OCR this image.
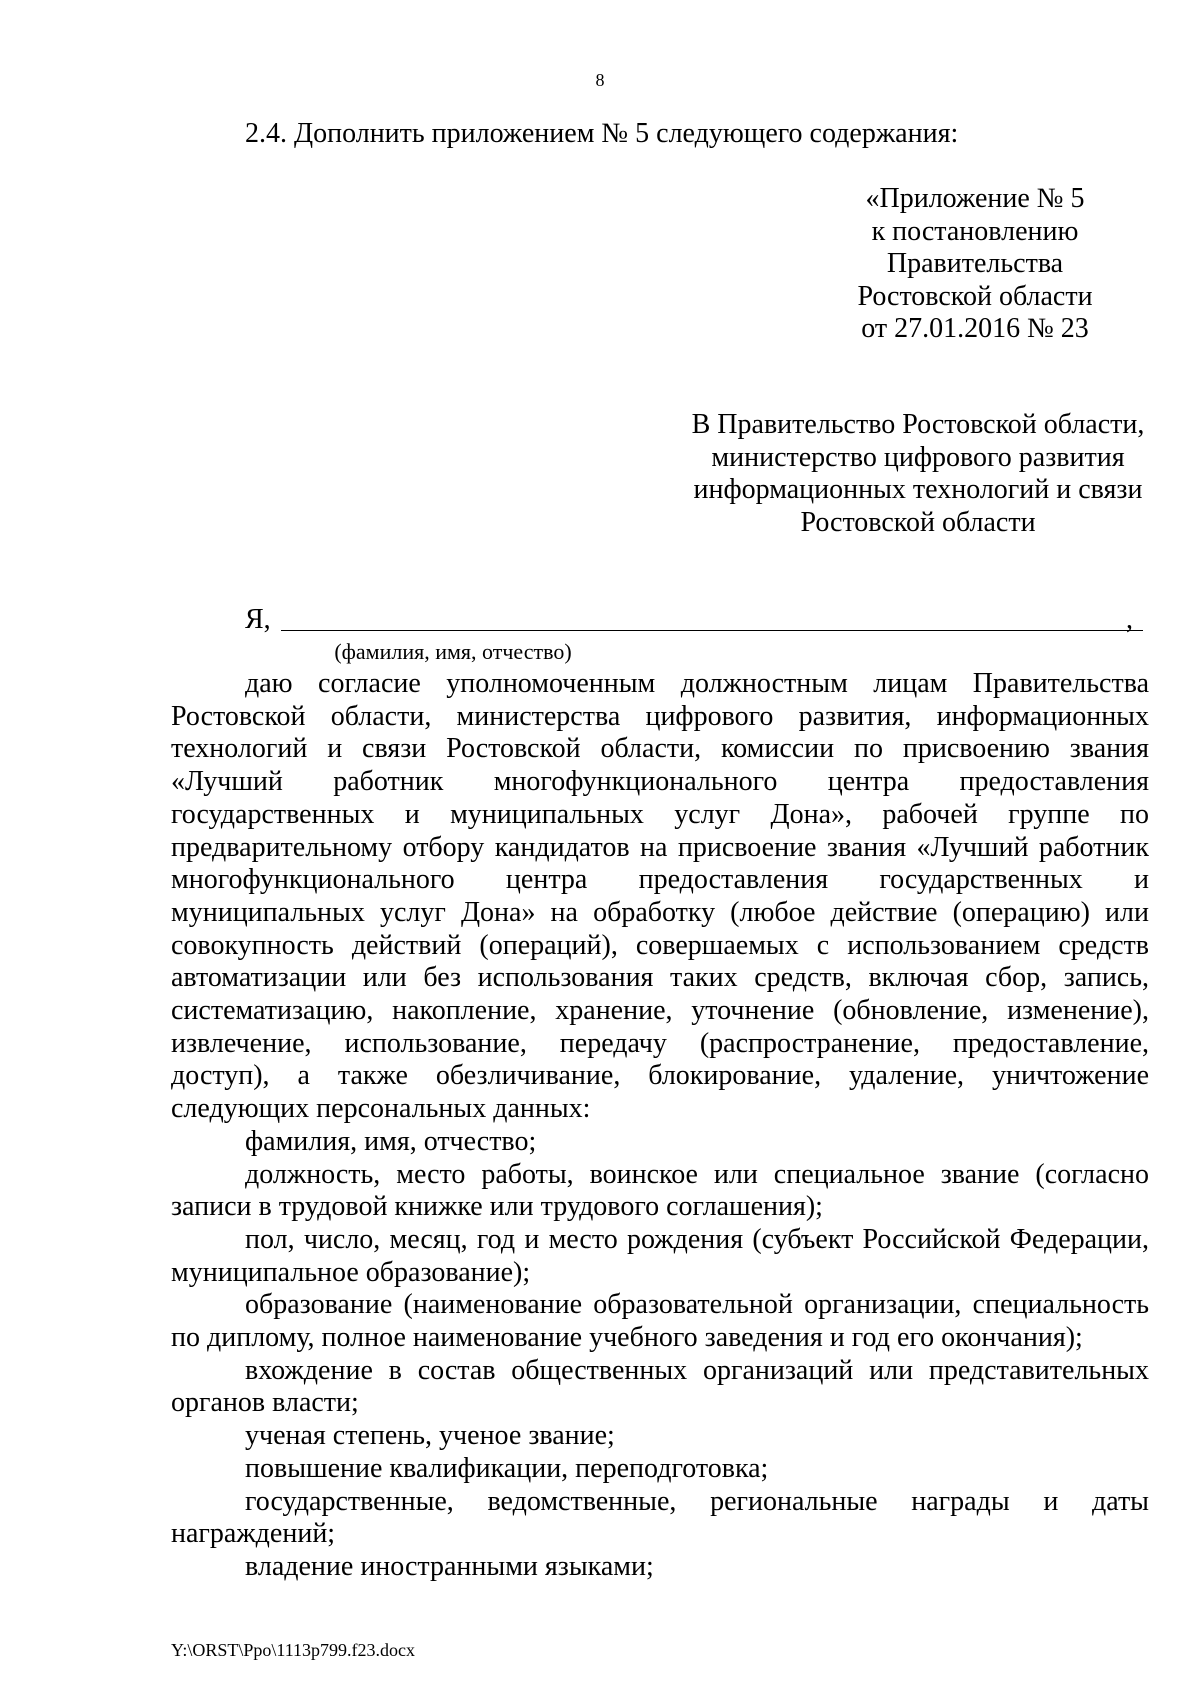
8
2.4. Дополнить приложением № 5 следующего содержания:
«Приложение № 5
к постановлению
Правительства
Ростовской области
от 27.01.2016 № 23
В Правительство Ростовской области,
министерство цифрового развития
информационных технологий и связи
Ростовской области
Я,	,
(фамилия, имя, отчество)

даю согласие уполномоченным должностным лицам Правительства Ростовской области, министерства цифрового развития, информационных технологий и связи Ростовской области, комиссии по присвоению звания «Лучший работник многофункционального центра предоставления государственных и муниципальных услуг Дона», рабочей группе по предварительному отбору кандидатов на присвоение звания «Лучший работник многофункционального центра предоставления государственных и муниципальных услуг Дона» на обработку (любое действие (операцию) или совокупность действий (операций), совершаемых с использованием средств автоматизации или без использования таких средств, включая сбор, запись, систематизацию, накопление, хранение, уточнение (обновление, изменение), извлечение, использование, передачу (распространение, предоставление, доступ), а также обезличивание, блокирование, удаление, уничтожение следующих персональных данных:

фамилия, имя, отчество;

должность, место работы, воинское или специальное звание (согласно записи в трудовой книжке или трудового соглашения);

пол, число, месяц, год и место рождения (субъект Российской Федерации, муниципальное образование);

образование (наименование образовательной организации, специальность по диплому, полное наименование учебного заведения и год его окончания);

вхождение в состав общественных организаций или представительных органов власти;

ученая степень, ученое звание;

повышение квалификации, переподготовка;

государственные, ведомственные, региональные награды и даты награждений;

владение иностранными языками;

Y:\ORST\Ppo\1113p799.f23.docx
